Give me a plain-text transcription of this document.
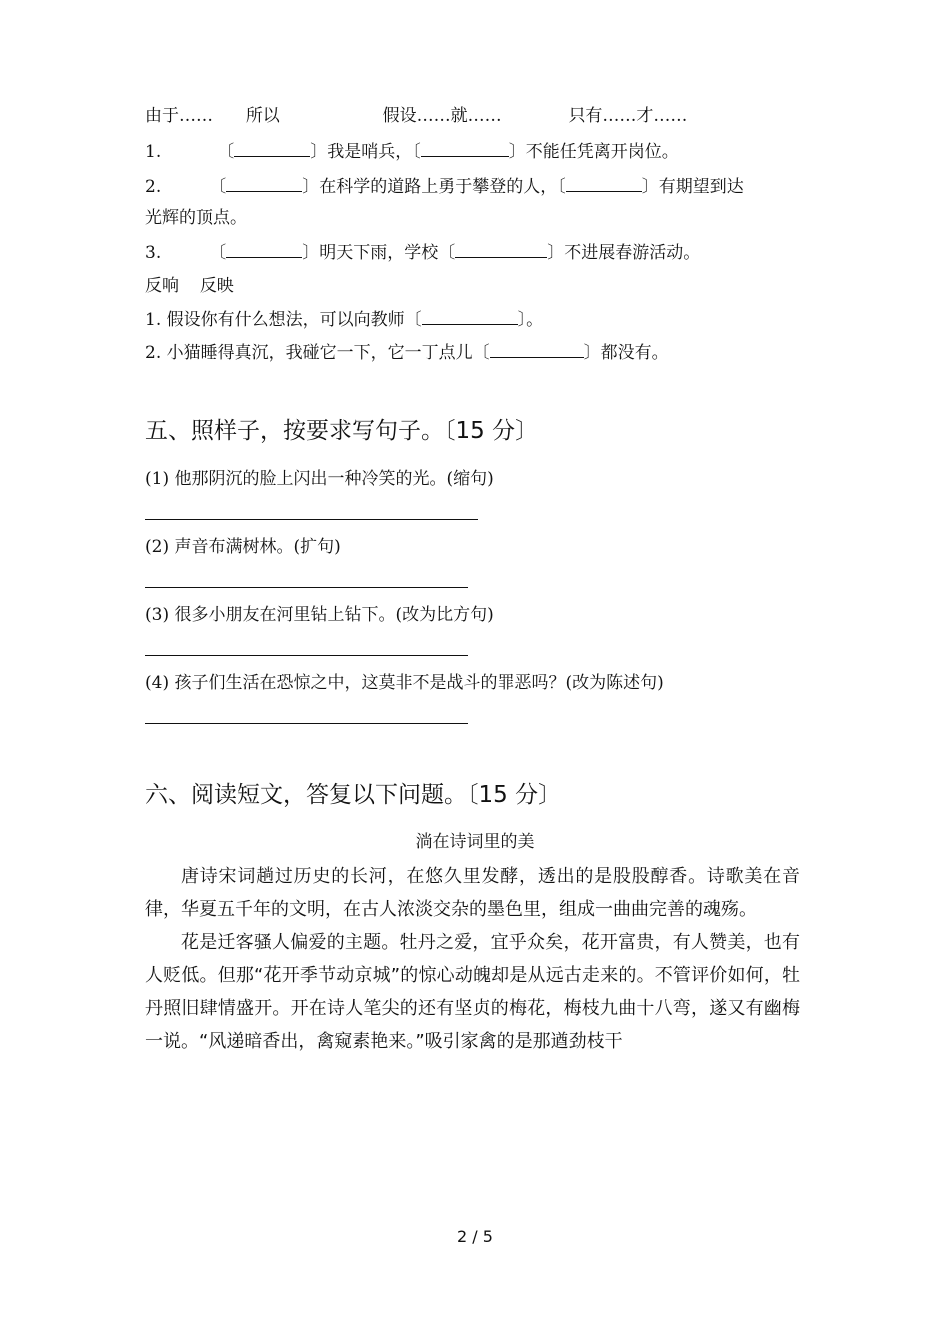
由于…… 所以	假设……就……	只有……才……
1.	〔	〕我是哨兵，〔	〕不能任凭离开岗位。
2.	〔	〕在科学的道路上勇于攀登的人，〔	〕有期望到达
光辉的顶点。
3.	〔	〕明天下雨，学校〔	〕不进展春游活动。
反响 反映
1. 假设你有什么想法，可以向教师〔	〕。
2. 小猫睡得真沉，我碰它一下，它一丁点儿〔	〕都没有。
五、照样子，按要求写句子。〔15 分〕
(1) 他那阴沉的脸上闪出一种冷笑的光。(缩句)
(2) 声音布满树林。(扩句)
(3) 很多小朋友在河里钻上钻下。(改为比方句)
(4) 孩子们生活在恐惊之中，这莫非不是战斗的罪恶吗？(改为陈述句)
六、阅读短文，答复以下问题。〔15 分〕
淌在诗词里的美

唐诗宋词趟过历史的长河，在悠久里发酵，透出的是股股醇香。诗歌美在音律，华夏五千年的文明，在古人浓淡交杂的墨色里，组成一曲曲完善的魂殇。

花是迁客骚人偏爱的主题。牡丹之爱，宜乎众矣，花开富贵，有人赞美，也有人贬低。但那“花开季节动京城”的惊心动魄却是从远古走来的。不管评价如何，牡丹照旧肆情盛开。开在诗人笔尖的还有坚贞的梅花，梅枝九曲十八弯，遂又有幽梅一说。“风递暗香出，禽窥素艳来。”吸引家禽的是那遒劲枝干

2 / 5
